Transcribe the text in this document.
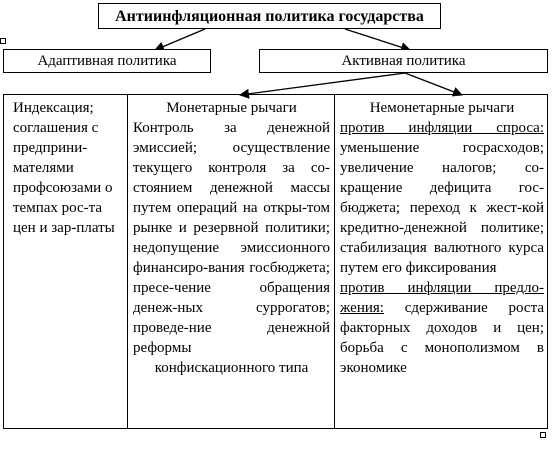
Антиинфляционная политика государства
Адаптивная политика	Активная политика

Индексация; соглашения с предприни-мателями профсоюзами о темпах рос-та цен и зар-платы

Монетарные рычаги

Контроль за денежной эмиссией; осуществление текущего контроля за со-стоянием денежной массы путем операций на откры-том рынке и резервной политики; недопущение эмиссионного финансиро-вания госбюджета; пресе-чение обращения денеж-ных суррогатов; проведе-ние денежной реформы

конфискационного типа

Немонетарные рычаги

против инфляции спроса: уменьшение госрасходов; увеличение налогов; со-кращение дефицита гос-бюджета; переход к жест-кой кредитно-денежной политике; стабилизация валютного курса путем его фиксирования

против инфляции предло-жения: сдерживание роста факторных доходов и цен; борьба с монополизмом в экономике
